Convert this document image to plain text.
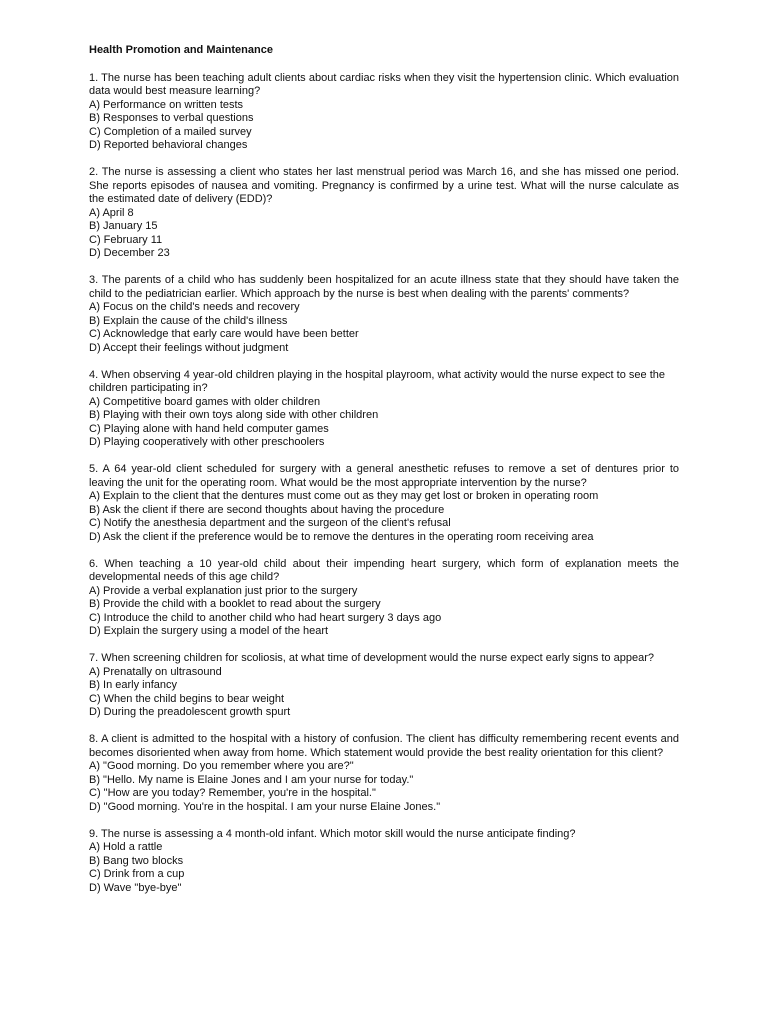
Health Promotion and Maintenance
1. The nurse has been teaching adult clients about cardiac risks when they visit the hypertension clinic. Which evaluation data would best measure learning?
A) Performance on written tests
B) Responses to verbal questions
C) Completion of a mailed survey
D) Reported behavioral changes
2. The nurse is assessing a client who states her last menstrual period was March 16, and she has missed one period. She reports episodes of nausea and vomiting. Pregnancy is confirmed by a urine test. What will the nurse calculate as the estimated date of delivery (EDD)?
A) April 8
B) January 15
C) February 11
D) December 23
3. The parents of a child who has suddenly been hospitalized for an acute illness state that they should have taken the child to the pediatrician earlier. Which approach by the nurse is best when dealing with the parents' comments?
A) Focus on the child's needs and recovery
B) Explain the cause of the child's illness
C) Acknowledge that early care would have been better
D) Accept their feelings without judgment
4. When observing 4 year-old children playing in the hospital playroom, what activity would the nurse expect to see the
children participating in?
A) Competitive board games with older children
B) Playing with their own toys along side with other children
C) Playing alone with hand held computer games
D) Playing cooperatively with other preschoolers
5. A 64 year-old client scheduled for surgery with a general anesthetic refuses to remove a set of dentures prior to leaving the unit for the operating room. What would be the most appropriate intervention by the nurse?
A) Explain to the client that the dentures must come out as they may get lost or broken in operating room
B) Ask the client if there are second thoughts about having the procedure
C) Notify the anesthesia department and the surgeon of the client's refusal
D) Ask the client if the preference would be to remove the dentures in the operating room receiving area
6. When teaching a 10 year-old child about their impending heart surgery, which form of explanation meets the developmental needs of this age child?
A) Provide a verbal explanation just prior to the surgery
B) Provide the child with a booklet to read about the surgery
C) Introduce the child to another child who had heart surgery 3 days ago
D) Explain the surgery using a model of the heart
7. When screening children for scoliosis, at what time of development would the nurse expect early signs to appear?
A) Prenatally on ultrasound
B) In early infancy
C) When the child begins to bear weight
D) During the preadolescent growth spurt
8. A client is admitted to the hospital with a history of confusion. The client has difficulty remembering recent events and becomes disoriented when away from home. Which statement would provide the best reality orientation for this client?
A) "Good morning. Do you remember where you are?"
B) "Hello. My name is Elaine Jones and I am your nurse for today."
C) "How are you today? Remember, you're in the hospital."
D) "Good morning. You're in the hospital. I am your nurse Elaine Jones."
9. The nurse is assessing a 4 month-old infant. Which motor skill would the nurse anticipate finding?
A) Hold a rattle
B) Bang two blocks
C) Drink from a cup
D) Wave "bye-bye"
